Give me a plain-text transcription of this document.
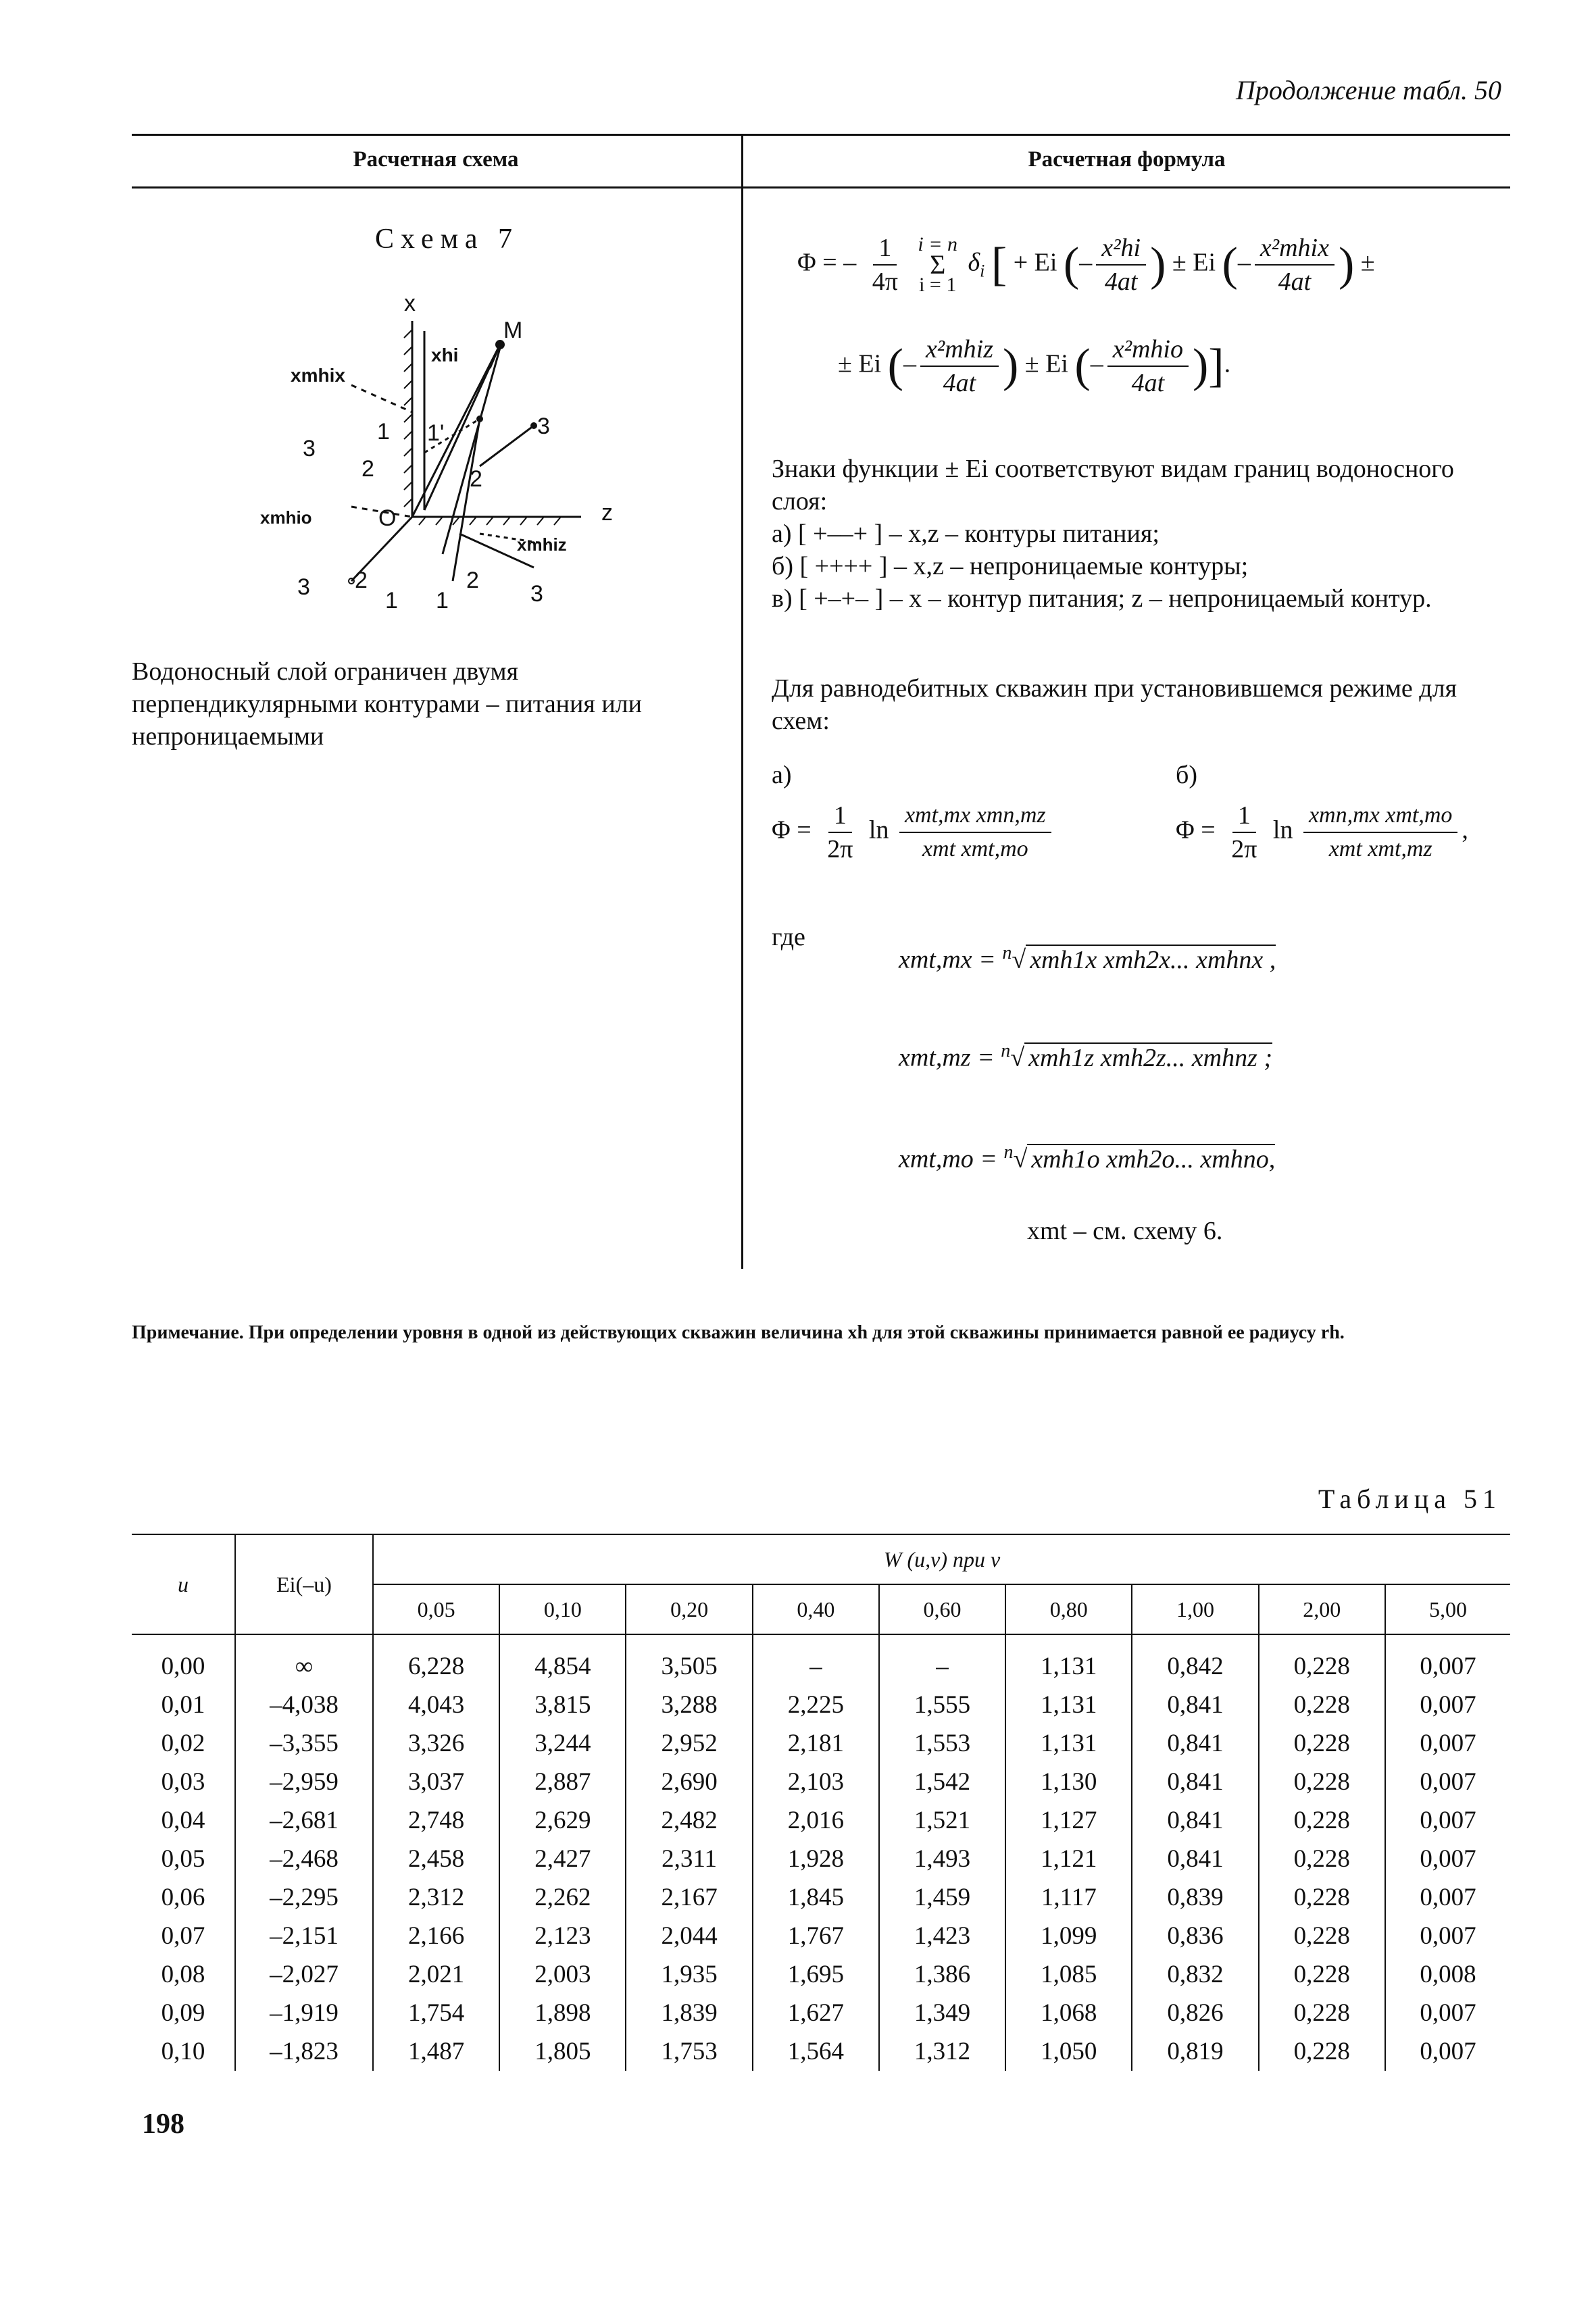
Продолжение табл. 50
Расчетная схема	Расчетная формула
Схема 7
x
z
M
O
xmhix
xhi
xmhio
xmhiz
3
3
3	3
2	2
2	2
1 1'
1 1
Водоносный слой ограничен двумя перпендикулярными контурами – питания или непроницаемыми
Φ = – $\frac{1}{4\pi}$
i = n
Σ
i = 1
$\delta_i$ [ + Ei (– $\frac{\text{x²hi}}{4at}$ ) ± Ei (– $\frac{\text{x²mhix}}{4at}$ ) ±
± Ei (– $\frac{\text{x²mhiz}}{4at}$ ) ± Ei (– $\frac{\text{x²mhio}}{4at}$ )].
Знаки функции ± Ei соответствуют видам границ водоносного слоя:
а) [ +––+ ] – x,z – контуры питания;
б) [ ++++ ] – x,z – непроницаемые контуры;
в) [ +–+– ] – x – контур питания; z – непроницаемый контур.
Для равнодебитных скважин при установившемся режиме для схем:
а)	б)
$\Phi = \frac{1}{2\pi}$ $\ln \frac{\text{xmt,mx xmn,mz}}{\text{xmt xmt,mo}}$	$\Phi = \frac{1}{2\pi}$ $\ln \frac{\text{xmn,mx xmt,mo}}{\text{xmt xmt,mz}}$ ,
где
xmt,mx = $^n$√ xmh1x xmh2x... xmhnx ,
xmt,mz = $^n$√ xmh1z xmh2z... xmhnz ;
xmt,mo = $^n$√ xmh1o xmh2o... xmhno,
xmt – см. схему 6.
Примечание. При определении уровня в одной из действующих скважин величина xh для этой скважины принимается равной ее радиусу rh.
Таблица 51
u	Ei(–u)	W (u,v) при v								
		0,05	0,10	0,20	0,40	0,60	0,80	1,00	2,00	5,00
0,00	∞	6,228	4,854	3,505	–	–	1,131	0,842	0,228	0,007
0,01	–4,038	4,043	3,815	3,288	2,225	1,555	1,131	0,841	0,228	0,007
0,02	–3,355	3,326	3,244	2,952	2,181	1,553	1,131	0,841	0,228	0,007
0,03	–2,959	3,037	2,887	2,690	2,103	1,542	1,130	0,841	0,228	0,007
0,04	–2,681	2,748	2,629	2,482	2,016	1,521	1,127	0,841	0,228	0,007
0,05	–2,468	2,458	2,427	2,311	1,928	1,493	1,121	0,841	0,228	0,007
0,06	–2,295	2,312	2,262	2,167	1,845	1,459	1,117	0,839	0,228	0,007
0,07	–2,151	2,166	2,123	2,044	1,767	1,423	1,099	0,836	0,228	0,007
0,08	–2,027	2,021	2,003	1,935	1,695	1,386	1,085	0,832	0,228	0,008
0,09	–1,919	1,754	1,898	1,839	1,627	1,349	1,068	0,826	0,228	0,007
0,10	–1,823	1,487	1,805	1,753	1,564	1,312	1,050	0,819	0,228	0,007
198
